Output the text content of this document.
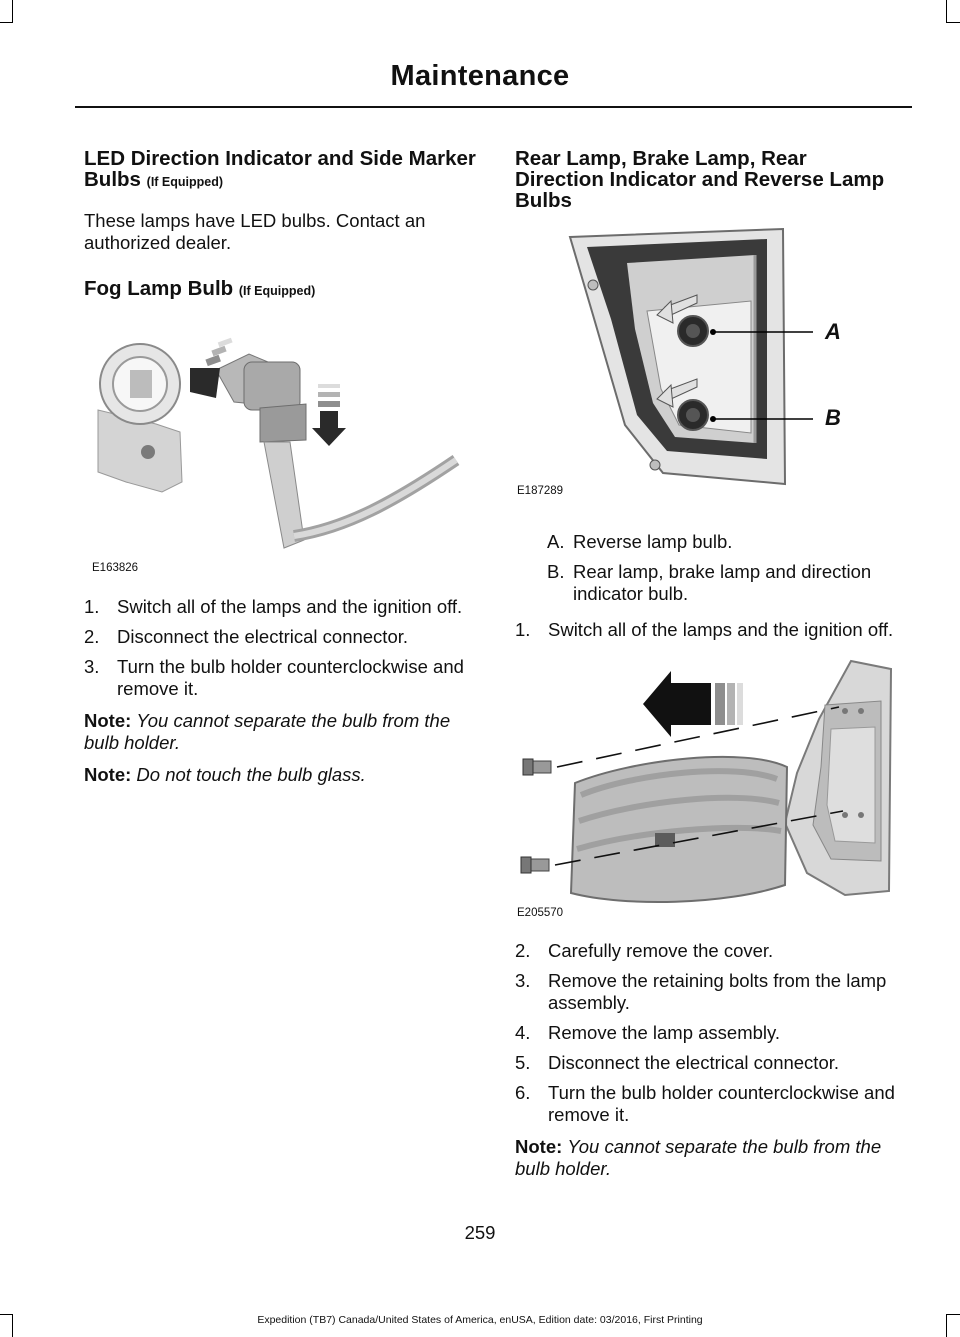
Maintenance
LED Direction Indicator and Side Marker Bulbs (If Equipped)

These lamps have LED bulbs. Contact an authorized dealer.

Fog Lamp Bulb (If Equipped)
E163826
1. Switch all of the lamps and the ignition off.
2. Disconnect the electrical connector.
3. Turn the bulb holder counterclockwise and remove it.

Note: You cannot separate the bulb from the bulb holder.

Note: Do not touch the bulb glass.

Rear Lamp, Brake Lamp, Rear Direction Indicator and Reverse Lamp Bulbs
A
B
E187289
A. Reverse lamp bulb.
B. Rear lamp, brake lamp and direction indicator bulb.
1. Switch all of the lamps and the ignition off.
E205570
2. Carefully remove the cover.
3. Remove the retaining bolts from the lamp assembly.
4. Remove the lamp assembly.
5. Disconnect the electrical connector.
6. Turn the bulb holder counterclockwise and remove it.

Note: You cannot separate the bulb from the bulb holder.

259
Expedition (TB7) Canada/United States of America, enUSA, Edition date: 03/2016, First Printing
